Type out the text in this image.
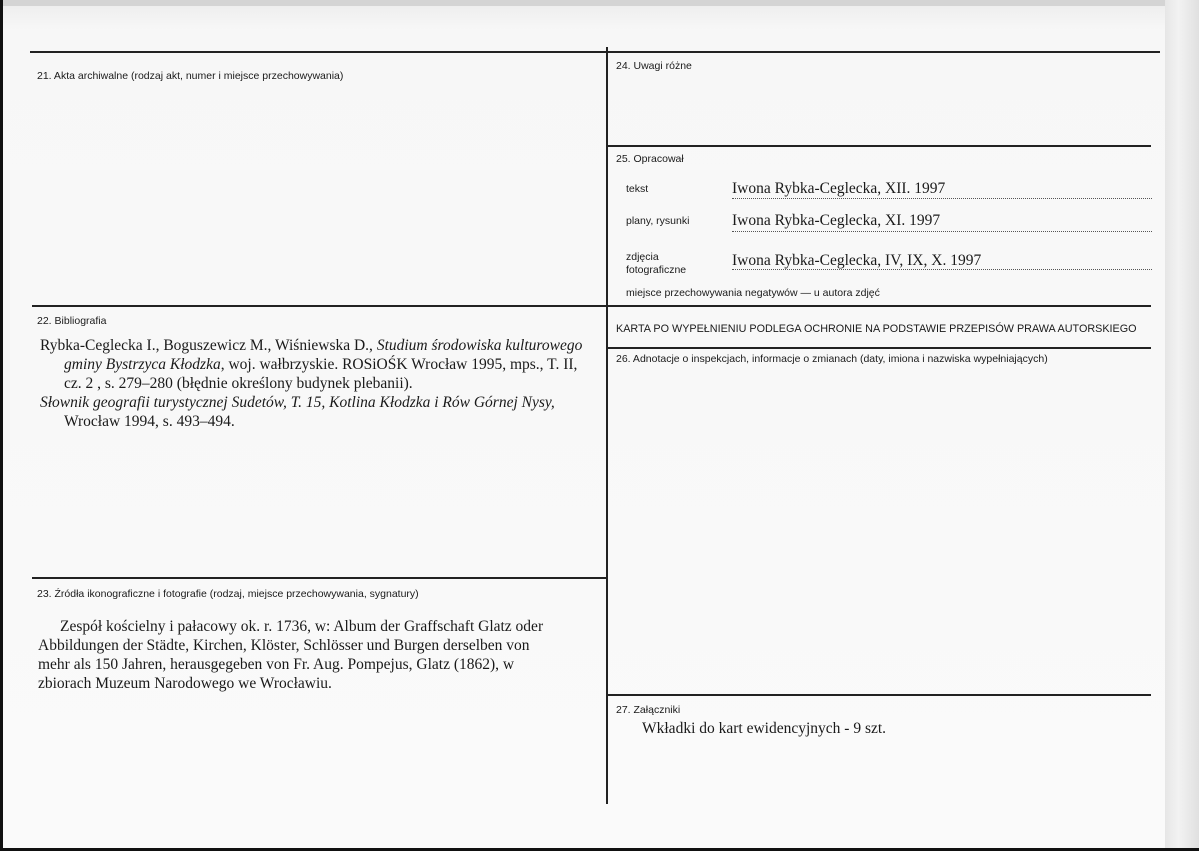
21. Akta archiwalne (rodzaj akt, numer i miejsce przechowywania)
22. Bibliografia
Rybka-Ceglecka I., Boguszewicz M., Wiśniewska D., Studium środowiska kulturowego
gminy Bystrzyca Kłodzka, woj. wałbrzyskie. ROSiOŚK Wrocław 1995, mps., T. II,
cz. 2 , s. 279–280 (błędnie określony budynek plebanii).
Słownik geografii turystycznej Sudetów, T. 15, Kotlina Kłodzka i Rów Górnej Nysy,
Wrocław 1994, s. 493–494.
23. Źródła ikonograficzne i fotografie (rodzaj, miejsce przechowywania, sygnatury)
Zespół kościelny i pałacowy ok. r. 1736, w: Album der Graffschaft Glatz oder
Abbildungen der Städte, Kirchen, Klöster, Schlösser und Burgen derselben von
mehr als 150 Jahren, herausgegeben von Fr. Aug. Pompejus, Glatz (1862), w
zbiorach Muzeum Narodowego we Wrocławiu.
24. Uwagi różne
25. Opracował
tekst	Iwona Rybka-Ceglecka, XII. 1997
plany, rysunki	Iwona Rybka-Ceglecka, XI. 1997
zdjęcia
fotograficzne
Iwona Rybka-Ceglecka, IV, IX, X. 1997
miejsce przechowywania negatywów — u autora zdjęć
KARTA PO WYPEŁNIENIU PODLEGA OCHRONIE NA PODSTAWIE PRZEPISÓW PRAWA AUTORSKIEGO
26. Adnotacje o inspekcjach, informacje o zmianach (daty, imiona i nazwiska wypełniających)
27. Załączniki
Wkładki do kart ewidencyjnych - 9 szt.
